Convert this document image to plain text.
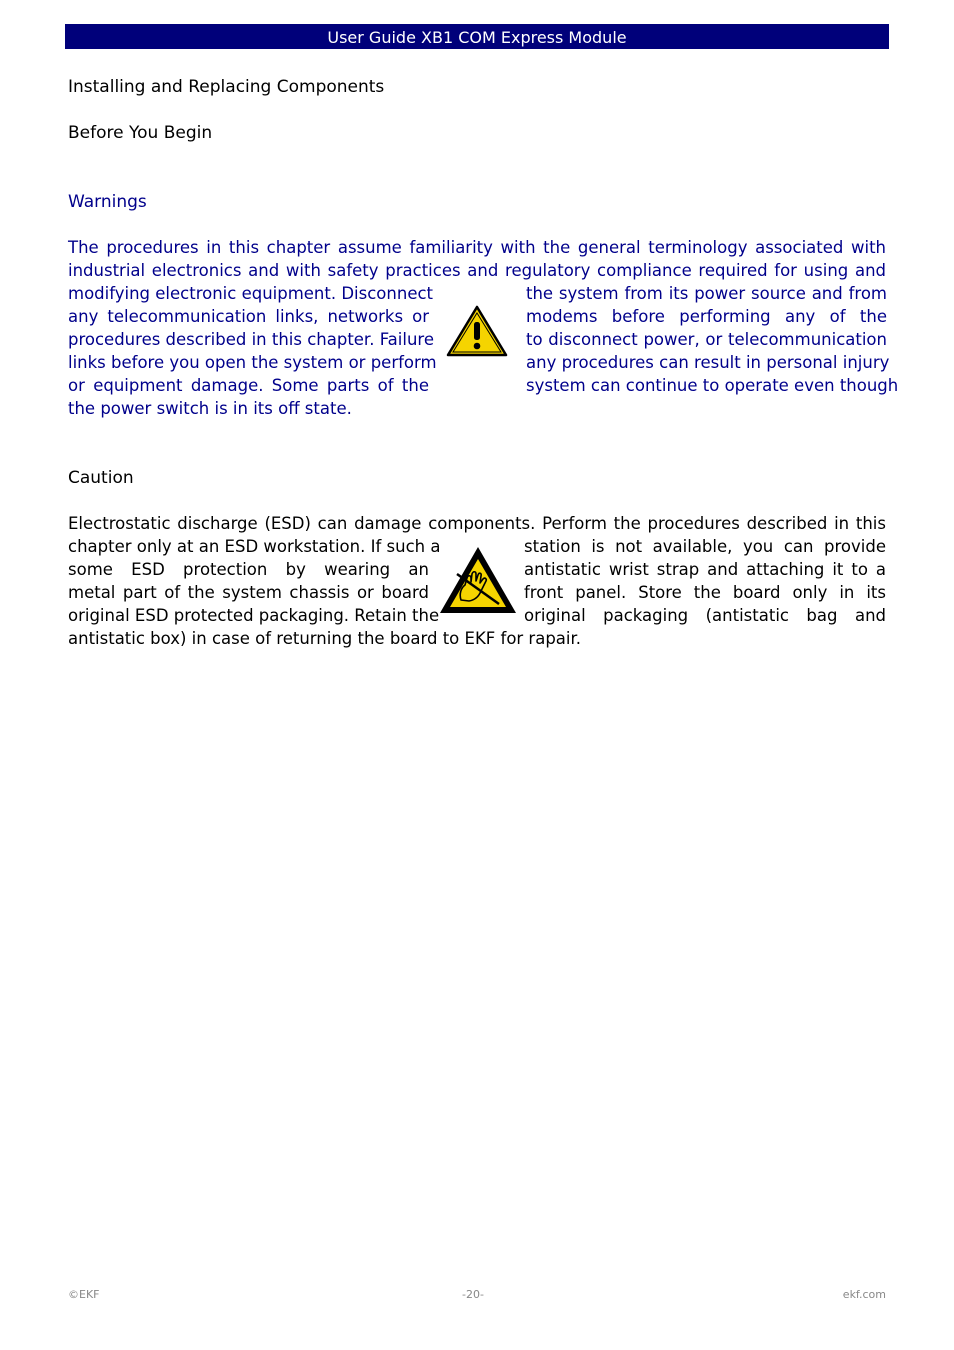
User Guide XB1 COM Express Module
Installing and Replacing Components
Before You Begin
Warnings
The procedures in this chapter assume familiarity with the general terminology associated with
industrial electronics and with safety practices and regulatory compliance required for using and
modifying electronic equipment. Disconnect
any telecommunication links, networks or
procedures described in this chapter. Failure
links before you open the system or perform
or equipment damage. Some parts of the
the power switch is in its off state.
the system from its power source and from
modems before performing any of the
to disconnect power, or telecommunication
any procedures can result in personal injury
system can continue to operate even though
Caution
Electrostatic discharge (ESD) can damage components. Perform the procedures described in this
chapter only at an ESD workstation. If such a
some ESD protection by wearing an
metal part of the system chassis or board
original ESD protected packaging. Retain the
station is not available, you can provide
antistatic wrist strap and attaching it to a
front panel. Store the board only in its
original packaging (antistatic bag and
antistatic box) in case of returning the board to EKF for rapair.
©EKF	-20-	ekf.com
